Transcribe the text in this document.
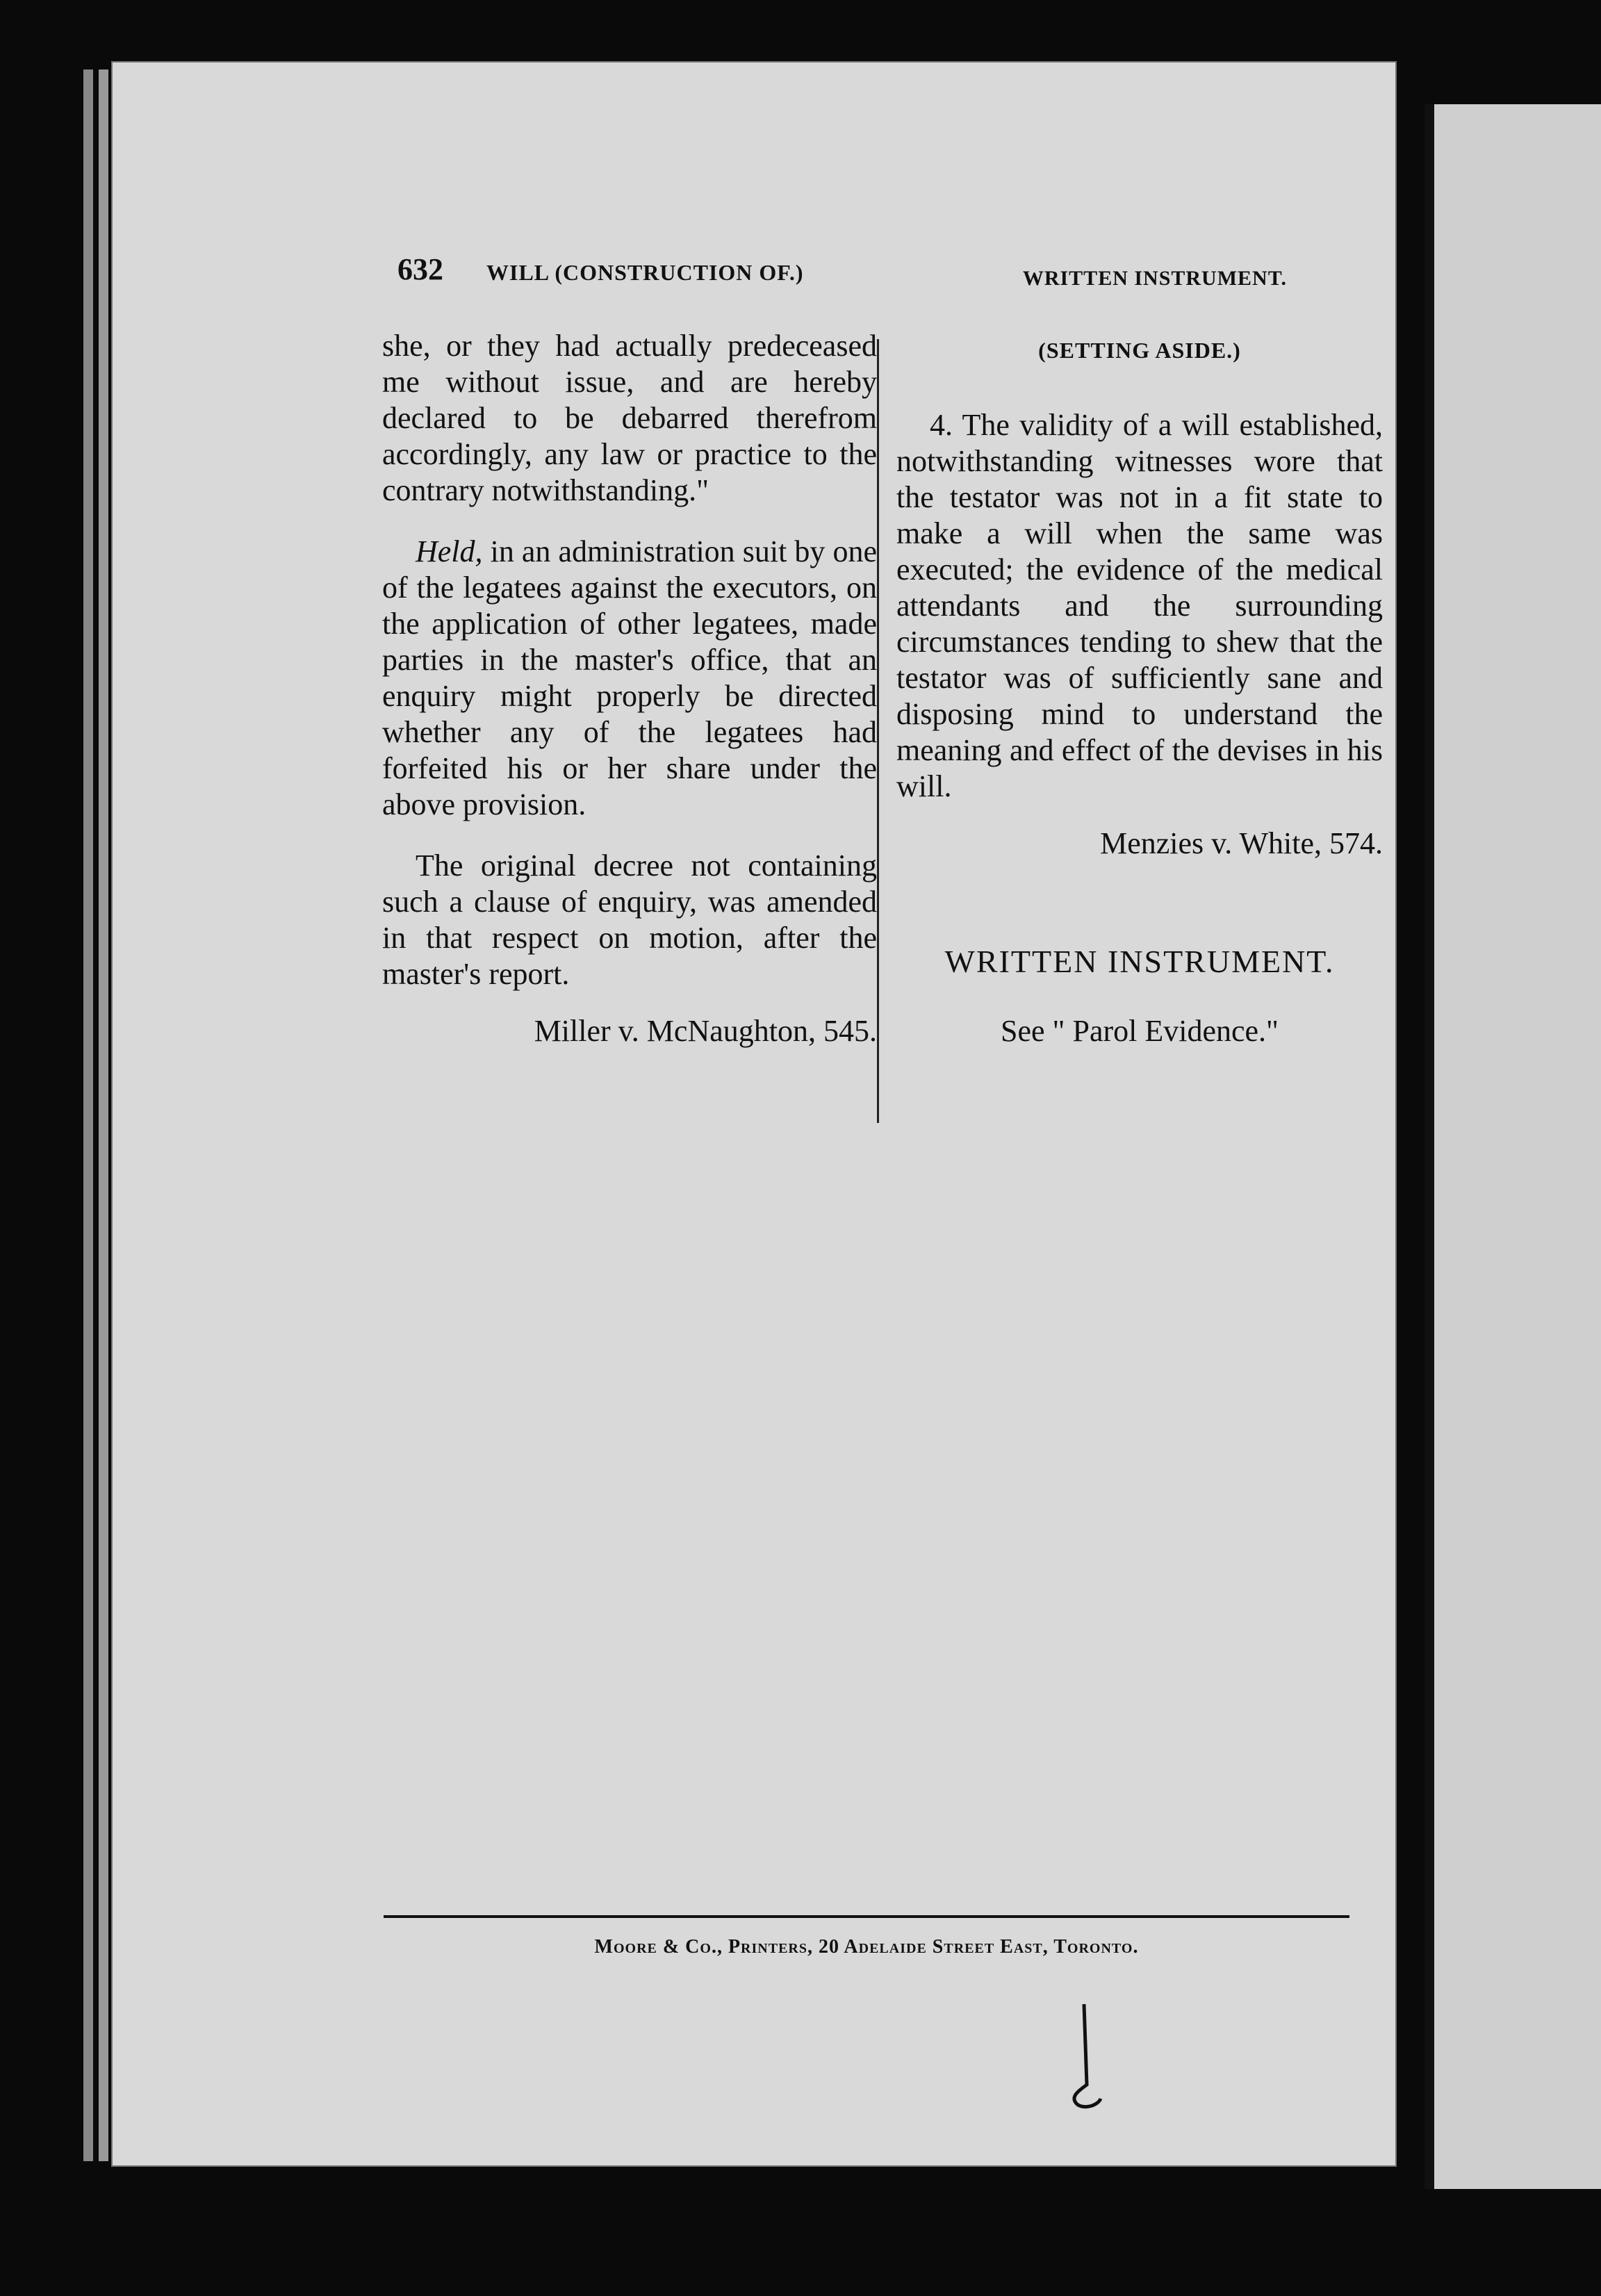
632 WILL (CONSTRUCTION OF.)	WRITTEN INSTRUMENT.

she, or they had actually predeceased me without issue, and are hereby declared to be debarred therefrom accordingly, any law or practice to the contrary notwithstanding."

Held, in an administration suit by one of the legatees against the executors, on the application of other legatees, made parties in the master's office, that an enquiry might properly be directed whether any of the legatees had forfeited his or her share under the above provision.

The original decree not containing such a clause of enquiry, was amended in that respect on motion, after the master's report.

Miller v. McNaughton, 545.

(SETTING ASIDE.)

4. The validity of a will established, notwithstanding witnesses wore that the testator was not in a fit state to make a will when the same was executed; the evidence of the medical attendants and the surrounding circumstances tending to shew that the testator was of sufficiently sane and disposing mind to understand the meaning and effect of the devises in his will.

Menzies v. White, 574.

WRITTEN INSTRUMENT.

See " Parol Evidence."

Moore & Co., Printers, 20 Adelaide Street East, Toronto.
